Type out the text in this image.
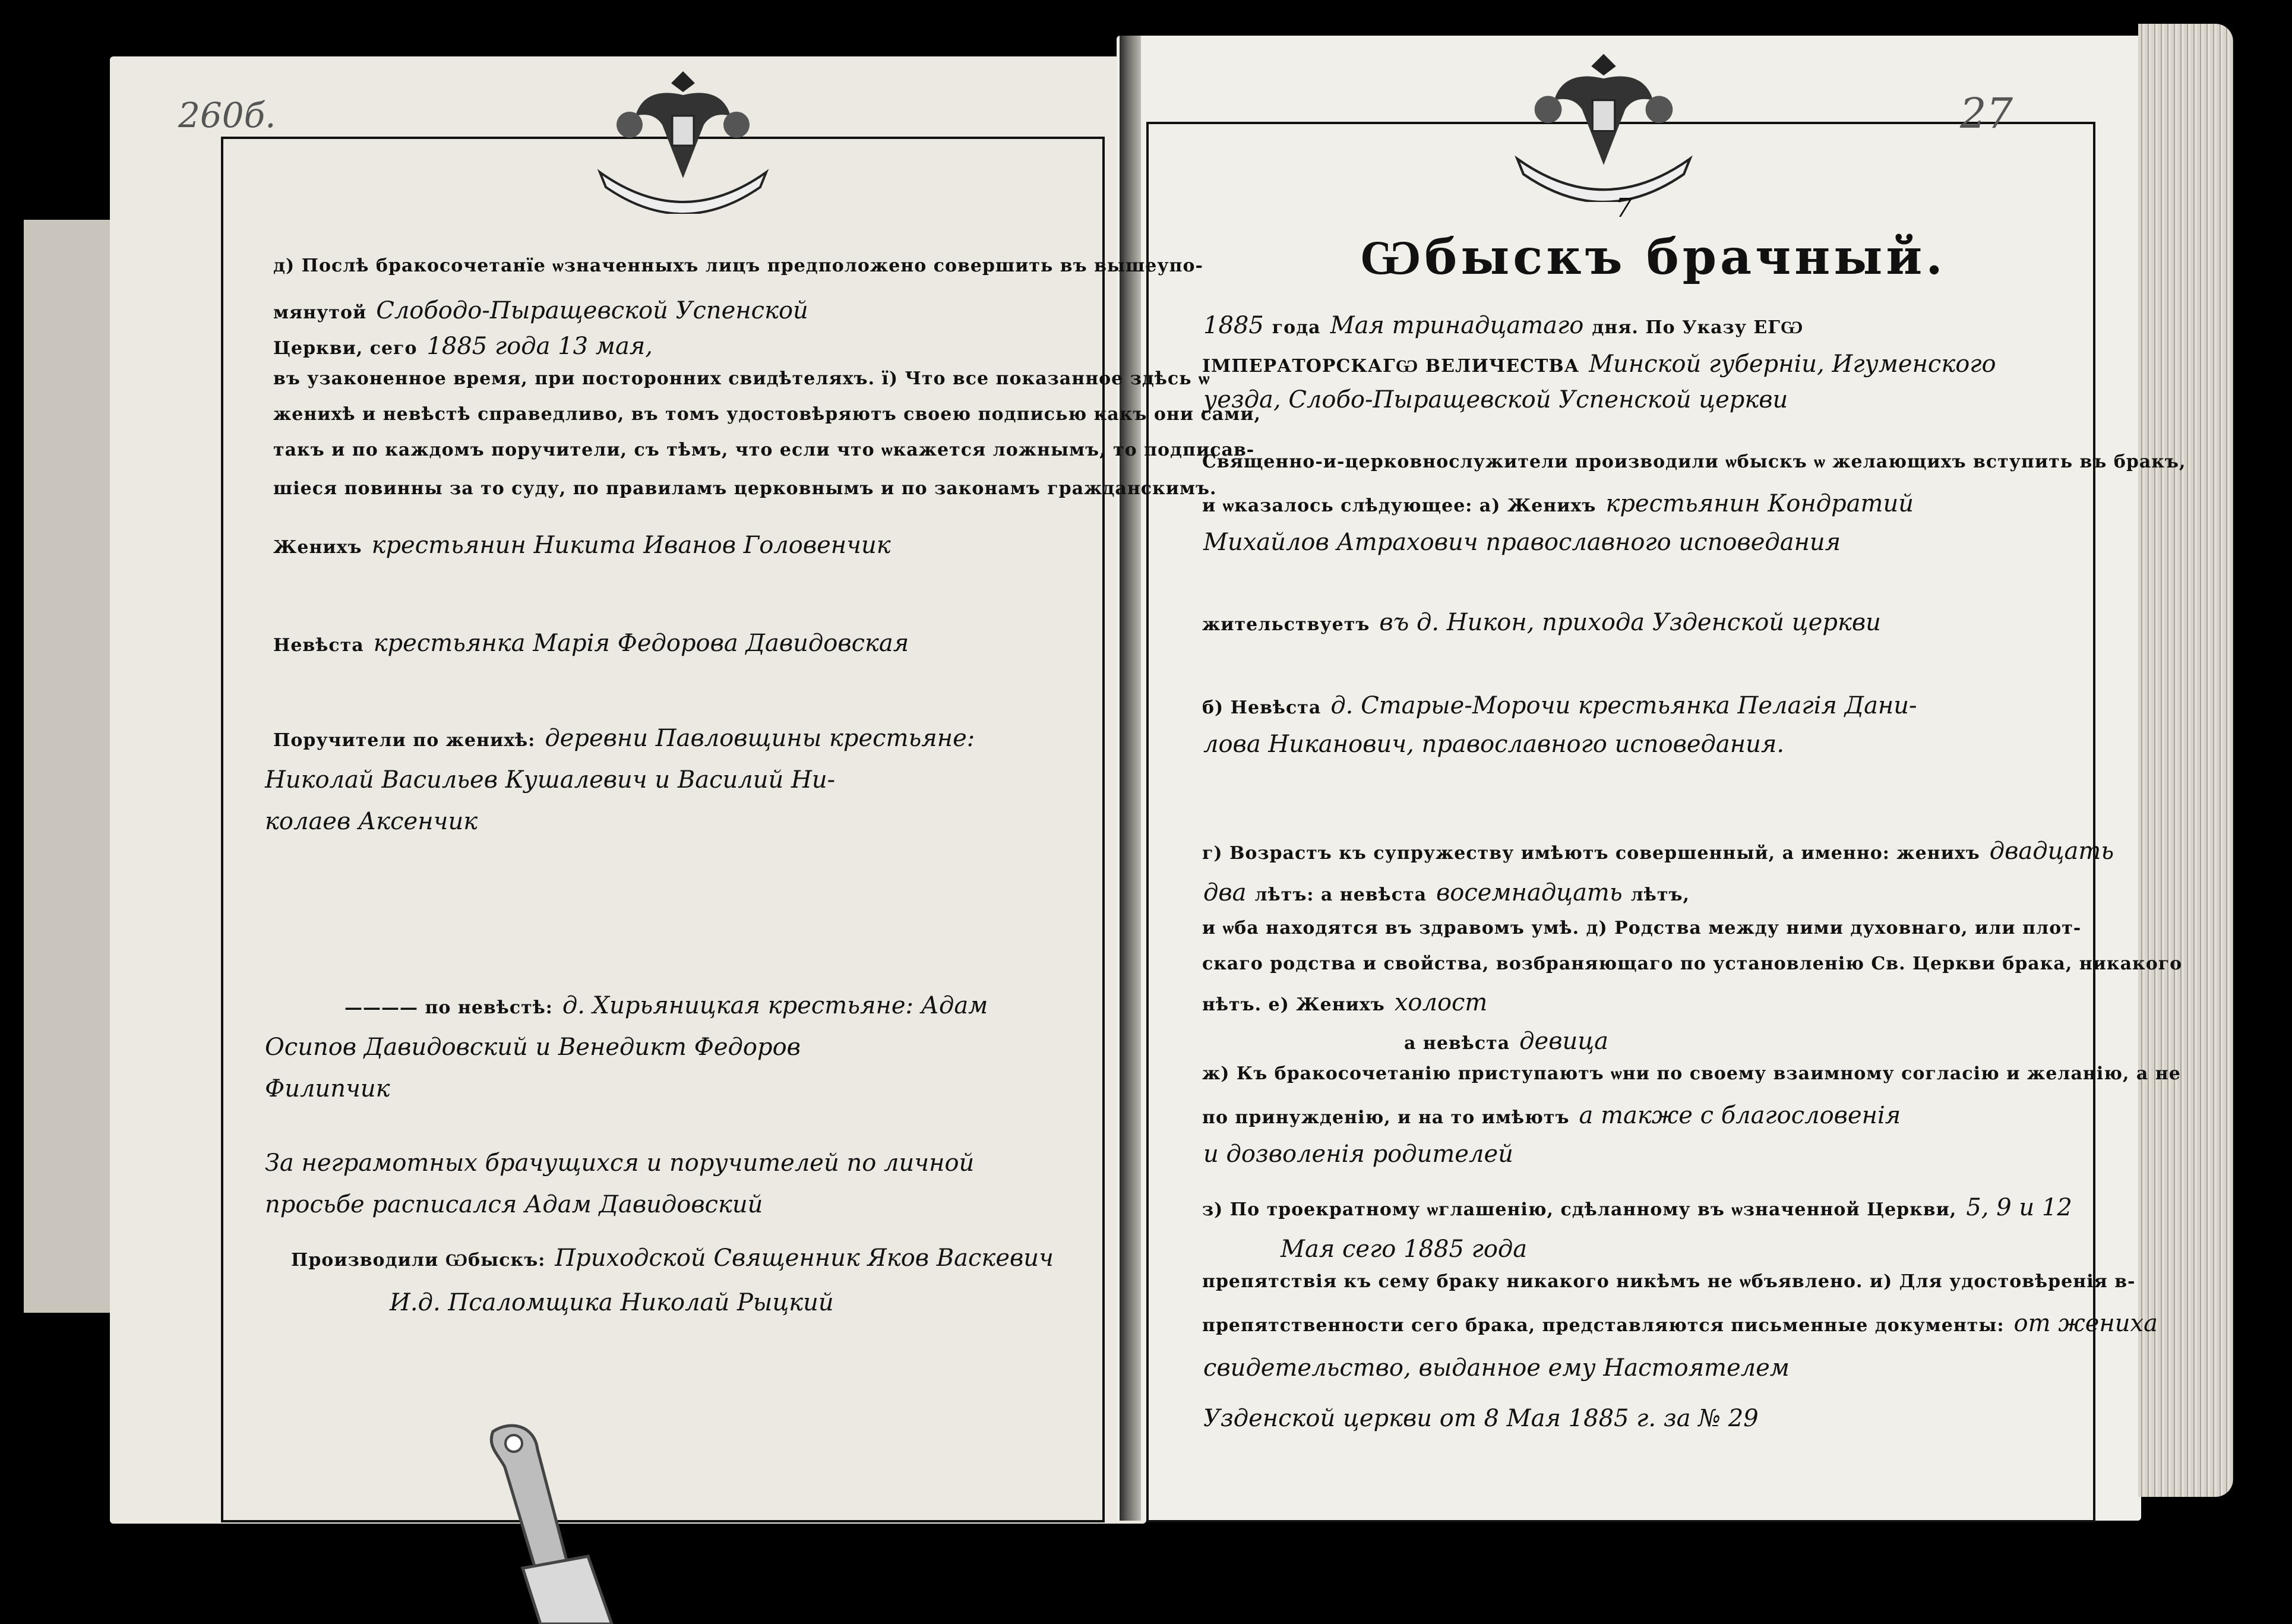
260б.	27
д) Послѣ бракосочетанїе ѡзначенныхъ лицъ предположено совершить въ вышеупо-
мянутой Слободо-Пыращевской Успенской
Церкви, сего 1885 года 13 мая,
въ узаконенное время, при посторонних свидѣтеляхъ. ї) Что все показанное здѣсь ѡ
женихѣ и невѣстѣ справедливо, въ томъ удостовѣряютъ своею подписью какъ они сами,
такъ и по каждомъ поручители, съ тѣмъ, что если что ѡкажется ложнымъ, то подписав-
шіеся повинны за то суду, по правиламъ церковнымъ и по законамъ гражданскимъ.
Женихъ крестьянин Никита Иванов Головенчик
Невѣста крестьянка Марія Федорова Давидовская
Поручители по женихѣ: деревни Павловщины крестьяне:
Николай Васильев Кушалевич и Василий Ни-
колаев Аксенчик
———— по невѣстѣ: д. Хирьяницкая крестьяне: Адам
Осипов Давидовский и Венедикт Федоров
Филипчик
За неграмотных брачущихся и поручителей по личной
просьбе расписался Адам Давидовский
Производили Ѡбыскъ: Приходской Священник Яков Васкевич
И.д. Псаломщика Николай Рыцкий
7
Ѡбыскъ брачный.
1885 года Мая тринадцатаго дня. По Указу ЕГѠ
ІМПЕРАТОРСКАГѠ ВЕЛИЧЕСТВА Минской губерніи, Игуменского
уезда, Слобо-Пыращевской Успенской церкви
Священно-и-церковнослужители производили ѡбыскъ ѡ желающихъ вступить въ бракъ,
и ѡказалось слѣдующее: а) Женихъ крестьянин Кондратий
Михайлов Атрахович православного исповедания
жительствуетъ въ д. Никон, прихода Узденской церкви
б) Невѣста д. Старые-Морочи крестьянка Пелагія Дани-
лова Никанович, православного исповедания.
г) Возрастъ къ супружеству имѣютъ совершенный, а именно: женихъ двадцать
два лѣтъ: а невѣста восемнадцать лѣтъ,
и ѡба находятся въ здравомъ умѣ. д) Родства между ними духовнаго, или плот-
скаго родства и свойства, возбраняющаго по установленію Св. Церкви брака, никакого
нѣтъ. е) Женихъ холост
а невѣста девица
ж) Къ бракосочетанію приступаютъ ѡни по своему взаимному согласію и желанію, а не
по принужденію, и на то имѣютъ а также с благословенія
и дозволенія родителей
з) По троекратному ѡглашенію, сдѣланному въ ѡзначенной Церкви, 5, 9 и 12
Мая сего 1885 года
препятствія къ сему браку никакого никѣмъ не ѡбъявлено. и) Для удостовѣренія в-
препятственности сего брака, представляются письменные документы: от жениха
свидетельство, выданное ему Настоятелем
Узденской церкви от 8 Мая 1885 г. за № 29
